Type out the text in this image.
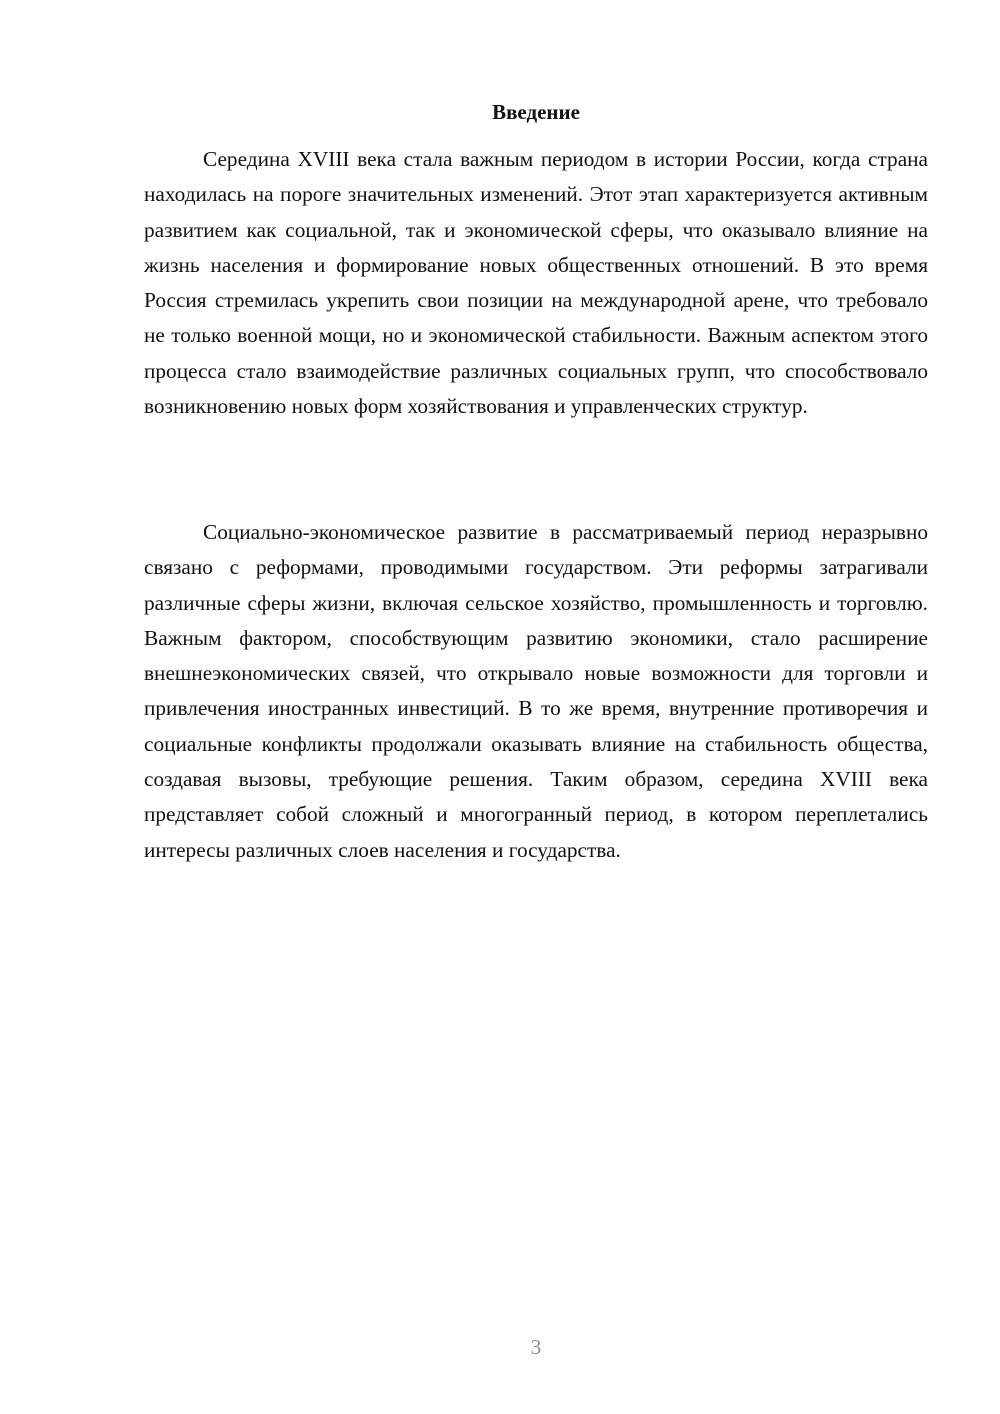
Введение

Середина XVIII века стала важным периодом в истории России, когда страна находилась на пороге значительных изменений. Этот этап характеризуется активным развитием как социальной, так и экономической сферы, что оказывало влияние на жизнь населения и формирование новых общественных отношений. В это время Россия стремилась укрепить свои позиции на международной арене, что требовало не только военной мощи, но и экономической стабильности. Важным аспектом этого процесса стало взаимодействие различных социальных групп, что способствовало возникновению новых форм хозяйствования и управленческих структур.

Социально-экономическое развитие в рассматриваемый период неразрывно связано с реформами, проводимыми государством. Эти реформы затрагивали различные сферы жизни, включая сельское хозяйство, промышленность и торговлю. Важным фактором, способствующим развитию экономики, стало расширение внешнеэкономических связей, что открывало новые возможности для торговли и привлечения иностранных инвестиций. В то же время, внутренние противоречия и социальные конфликты продолжали оказывать влияние на стабильность общества, создавая вызовы, требующие решения. Таким образом, середина XVIII века представляет собой сложный и многогранный период, в котором переплетались интересы различных слоев населения и государства.

3
